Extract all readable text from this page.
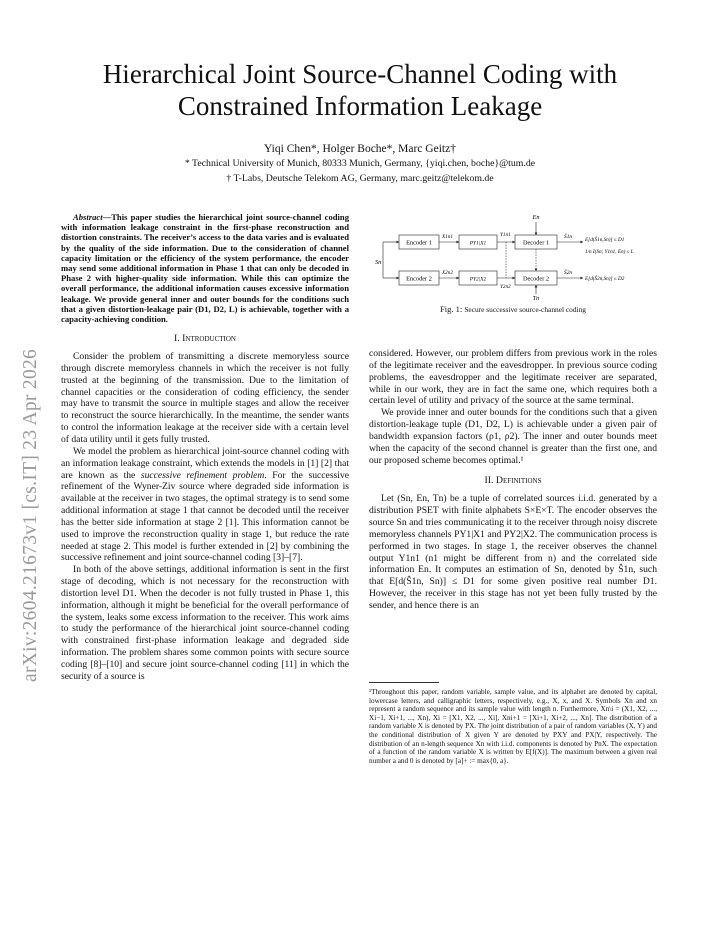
arXiv:2604.21673v1 [cs.IT] 23 Apr 2026
Hierarchical Joint Source-Channel Coding with
Constrained Information Leakage
Yiqi Chen*, Holger Boche*, Marc Geitz†
* Technical University of Munich, 80333 Munich, Germany, {yiqi.chen, boche}@tum.de
† T-Labs, Deutsche Telekom AG, Germany, marc.geitz@telekom.de

Abstract—This paper studies the hierarchical joint source-channel coding with information leakage constraint in the first-phase reconstruction and distortion constraints. The receiver’s access to the data varies and is evaluated by the quality of the side information. Due to the consideration of channel capacity limitation or the efficiency of the system performance, the encoder may send some additional information in Phase 1 that can only be decoded in Phase 2 with higher-quality side information. While this can optimize the overall performance, the additional information causes excessive information leakage. We provide general inner and outer bounds for the conditions such that a given distortion-leakage pair (D1, D2, L) is achievable, together with a capacity-achieving condition.

I. Introduction

Consider the problem of transmitting a discrete memoryless source through discrete memoryless channels in which the receiver is not fully trusted at the beginning of the transmission. Due to the limitation of channel capacities or the consideration of coding efficiency, the sender may have to transmit the source in multiple stages and allow the receiver to reconstruct the source hierarchically. In the meantime, the sender wants to control the information leakage at the receiver side with a certain level of data utility until it gets fully trusted.

We model the problem as hierarchical joint-source channel coding with an information leakage constraint, which extends the models in [1] [2] that are known as the successive refinement problem. For the successive refinement of the Wyner-Ziv source where degraded side information is available at the receiver in two stages, the optimal strategy is to send some additional information at stage 1 that cannot be decoded until the receiver has the better side information at stage 2 [1]. This information cannot be used to improve the reconstruction quality in stage 1, but reduce the rate needed at stage 2. This model is further extended in [2] by combining the successive refinement and joint source-channel coding [3]–[7].

In both of the above settings, additional information is sent in the first stage of decoding, which is not necessary for the reconstruction with distortion level D1. When the decoder is not fully trusted in Phase 1, this information, although it might be beneficial for the overall performance of the system, leaks some excess information to the receiver. This work aims to study the performance of the hierarchical joint source-channel coding with constrained first-phase information leakage and degraded side information. The problem shares some common points with secure source coding [8]–[10] and secure joint source-channel coding [11] in which the security of a source is

Sn
Encoder 1
Encoder 2
X1n1
X2n2
PY1|X1
PY2|X2
Y1n1
Y2n2
Decoder 1
Decoder 2
En
Tn
Ŝ1n
Ŝ2n
E[d(Ŝ1n,Sn)] ≤ D1
1/n I(Sn; Y1n1, En) ≤ L
E[d(Ŝ2n,Sn)] ≤ D2
Fig. 1: Secure successive source-channel coding

considered. However, our problem differs from previous work in the roles of the legitimate receiver and the eavesdropper. In previous source coding problems, the eavesdropper and the legitimate receiver are separated, while in our work, they are in fact the same one, which requires both a certain level of utility and privacy of the source at the same terminal.

We provide inner and outer bounds for the conditions such that a given distortion-leakage tuple (D1, D2, L) is achievable under a given pair of bandwidth expansion factors (ρ1, ρ2). The inner and outer bounds meet when the capacity of the second channel is greater than the first one, and our proposed scheme becomes optimal.¹

II. Definitions

Let (Sn, En, Tn) be a tuple of correlated sources i.i.d. generated by a distribution PSET with finite alphabets S×E×T. The encoder observes the source Sn and tries communicating it to the receiver through noisy discrete memoryless channels PY1|X1 and PY2|X2. The communication process is performed in two stages. In stage 1, the receiver observes the channel output Y1n1 (n1 might be different from n) and the correlated side information En. It computes an estimation of Sn, denoted by Ŝ1n, such that E[d(Ŝ1n, Sn)] ≤ D1 for some given positive real number D1. However, the receiver in this stage has not yet been fully trusted by the sender, and hence there is an

¹Throughout this paper, random variable, sample value, and its alphabet are denoted by capital, lowercase letters, and calligraphic letters, respectively, e.g., X, x, and X. Symbols Xn and xn represent a random sequence and its sample value with length n. Furthermore, Xn\i = (X1, X2, ..., Xi−1, Xi+1, ..., Xn), Xi = [X1, X2, ..., Xi], Xni+1 = [Xi+1, Xi+2, ..., Xn]. The distribution of a random variable X is denoted by PX. The joint distribution of a pair of random variables (X, Y) and the conditional distribution of X given Y are denoted by PXY and PX|Y, respectively. The distribution of an n-length sequence Xn with i.i.d. components is denoted by PnX. The expectation of a function of the random variable X is written by E[f(X)]. The maximum between a given real number a and 0 is denoted by [a]+ := max{0, a}.
